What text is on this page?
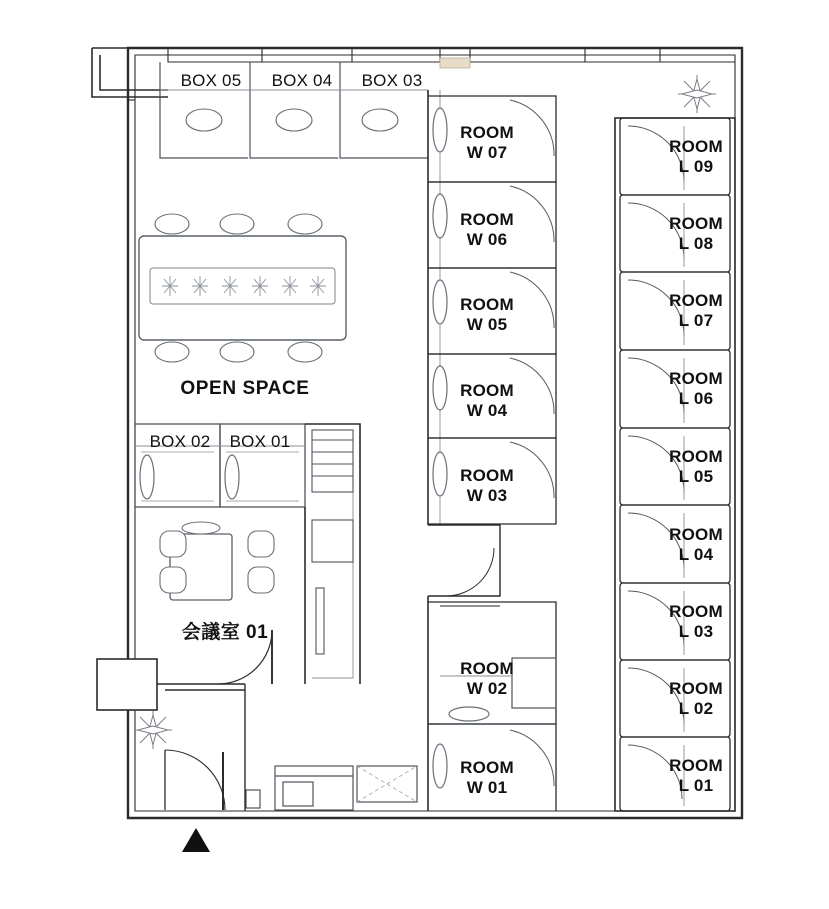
BOX 05	BOX 04	BOX 03
BOX 02	BOX 01
OPEN SPACE
会議室 01
ROOM
W 07
ROOM
W 06
ROOM
W 05
ROOM
W 04
ROOM
W 03
ROOM
W 02
ROOM
W 01
ROOM
L 09
ROOM
L 08
ROOM
L 07
ROOM
L 06
ROOM
L 05
ROOM
L 04
ROOM
L 03
ROOM
L 02
ROOM
L 01
